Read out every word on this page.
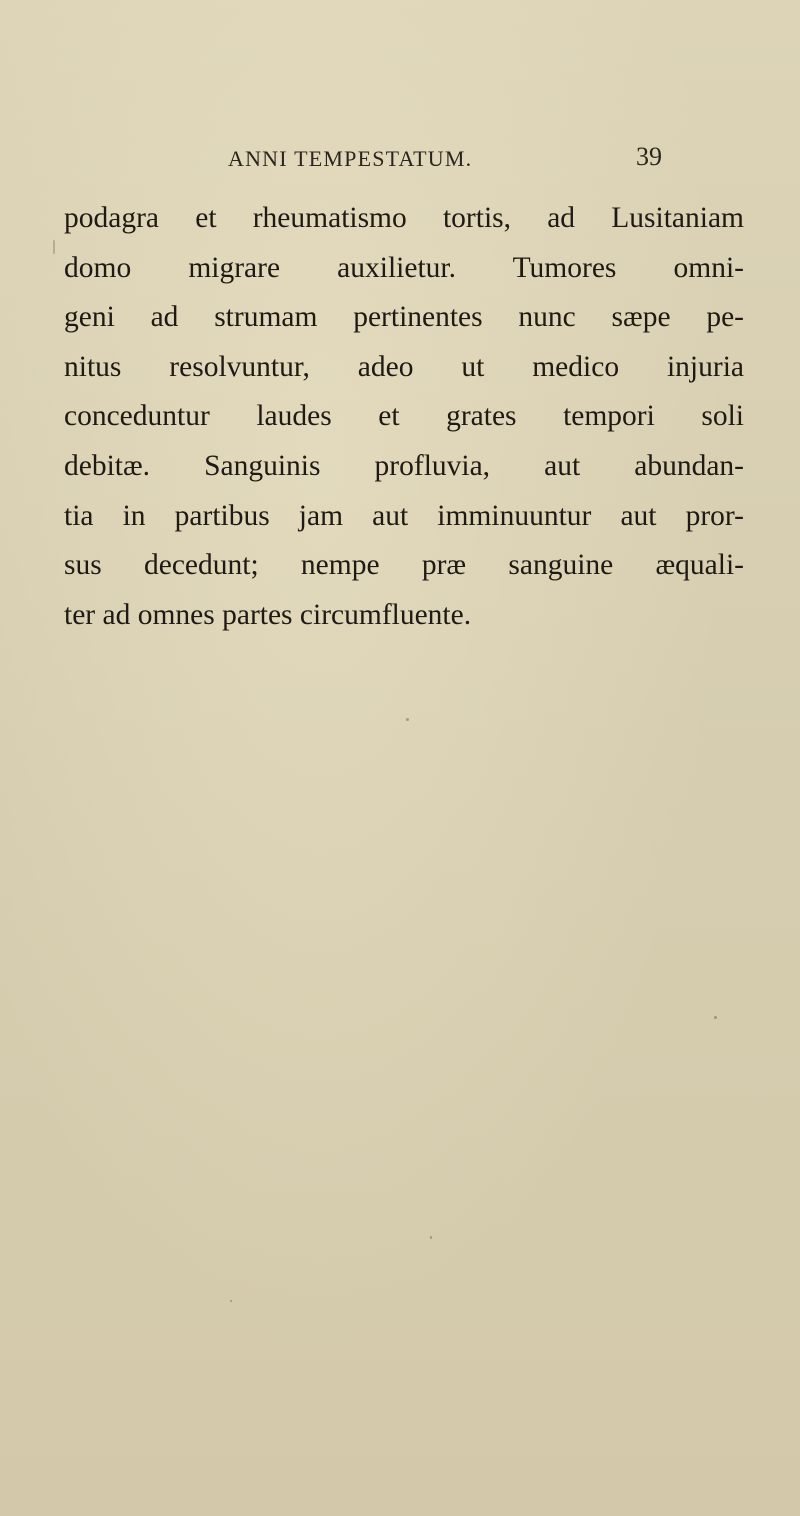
ANNI TEMPESTATUM.	39
podagra et rheumatismo tortis, ad Lusitaniam
domo migrare auxilietur. Tumores omni-
geni ad strumam pertinentes nunc sæpe pe-
nitus resolvuntur, adeo ut medico injuria
conceduntur laudes et grates tempori soli
debitæ. Sanguinis profluvia, aut abundan-
tia in partibus jam aut imminuuntur aut pror-
sus decedunt; nempe præ sanguine æquali-
ter ad omnes partes circumfluente.
